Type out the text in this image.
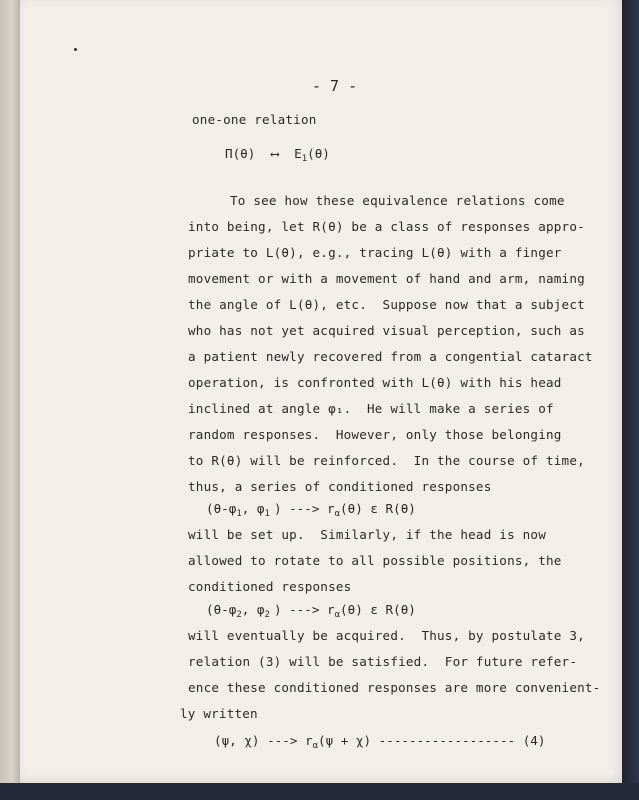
- 7 -
one-one relation
Π(θ) ⟷ $E_1(\theta)$
To see how these equivalence relations come
into being, let R(θ) be a class of responses appro-
priate to L(θ), e.g., tracing L(θ) with a finger
movement or with a movement of hand and arm, naming
the angle of L(θ), etc.  Suppose now that a subject
who has not yet acquired visual perception, such as
a patient newly recovered from a congential cataract
operation, is confronted with L(θ) with his head
inclined at angle φ₁.  He will make a series of
random responses.  However, only those belonging
to R(θ) will be reinforced.  In the course of time,
thus, a series of conditioned responses
($\theta-\varphi_1$, $\varphi_1$ ) ---> $r_\alpha(\theta)$ ε R(θ)
will be set up.  Similarly, if the head is now
allowed to rotate to all possible positions, the
conditioned responses
($\theta-\varphi_2$, $\varphi_2$ ) ---> $r_\alpha(\theta)$ ε R(θ)
will eventually be acquired.  Thus, by postulate 3,
relation (3) will be satisfied.  For future refer-
ence these conditioned responses are more convenient-
ly written
(ψ, χ) ---> $r_\alpha(\psi + \chi)$ ------------------ (4)
